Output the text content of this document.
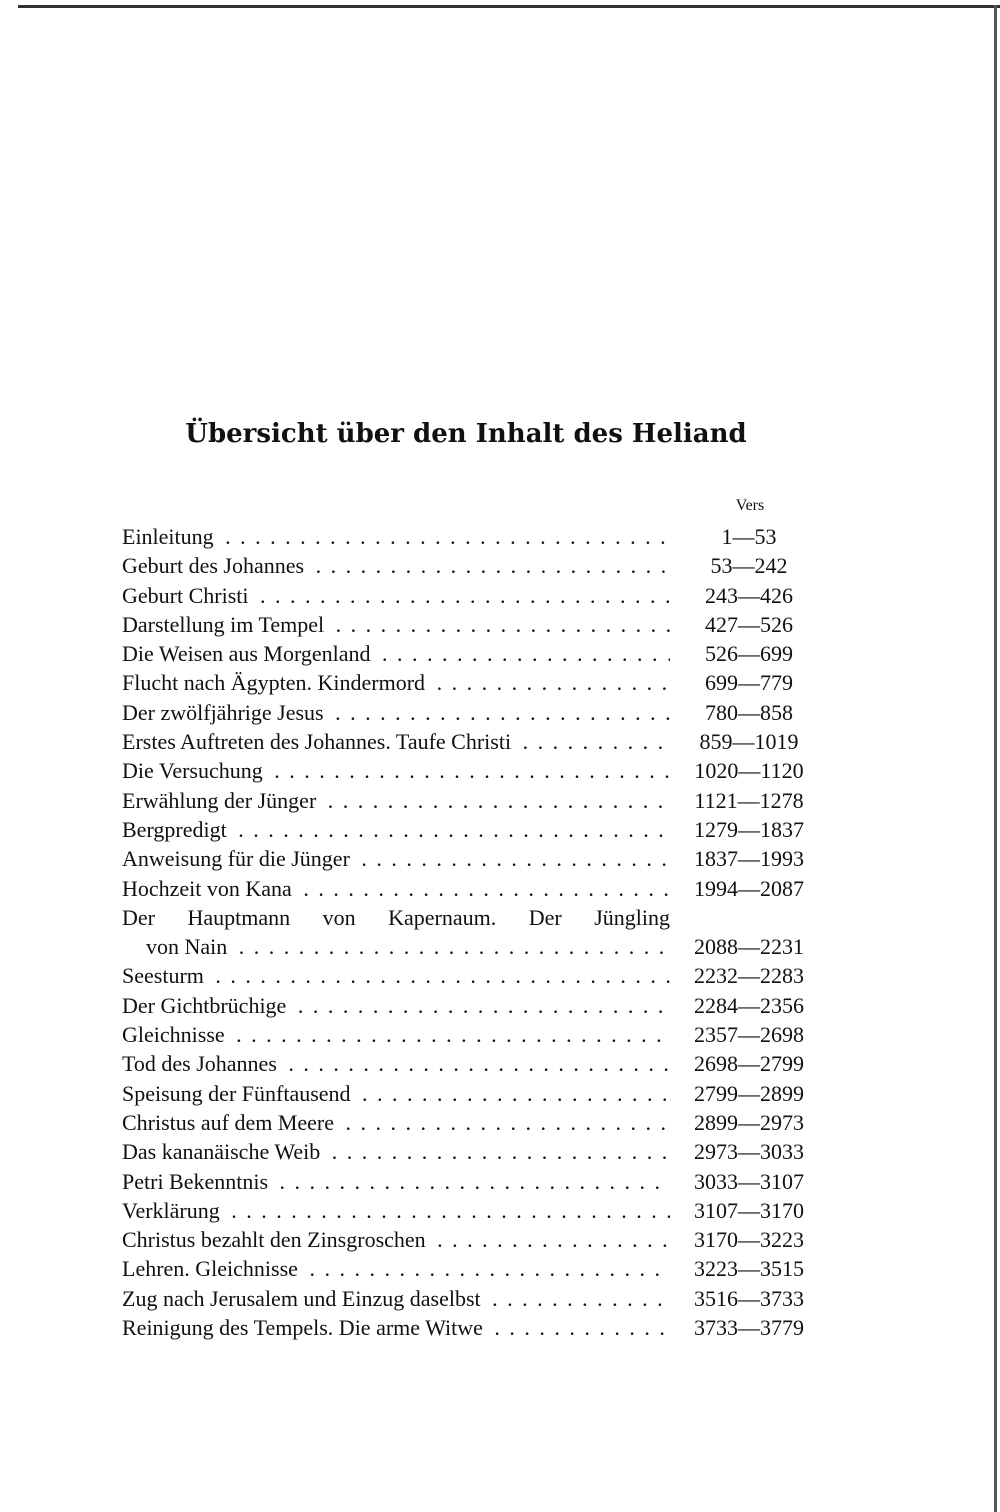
Übersicht über den Inhalt des Heliand
Vers
Einleitung . . .	1—53
Geburt des Johannes . . .	53—242
Geburt Christi . . .	243—426
Darstellung im Tempel . . .	427—526
Die Weisen aus Morgenland . . .	526—699
Flucht nach Ägypten. Kindermord . . .	699—779
Der zwölfjährige Jesus . . .	780—858
Erstes Auftreten des Johannes. Taufe Christi . . .	859—1019
Die Versuchung . . .	1020—1120
Erwählung der Jünger . . .	1121—1278
Bergpredigt . . .	1279—1837
Anweisung für die Jünger . . .	1837—1993
Hochzeit von Kana . . .	1994—2087
Der Hauptmann von Kapernaum. Der Jüngling
von Nain . . .	2088—2231
Seesturm . . .	2232—2283
Der Gichtbrüchige . . .	2284—2356
Gleichnisse . . .	2357—2698
Tod des Johannes . . .	2698—2799
Speisung der Fünftausend . . .	2799—2899
Christus auf dem Meere . . .	2899—2973
Das kananäische Weib . . .	2973—3033
Petri Bekenntnis . . .	3033—3107
Verklärung . . .	3107—3170
Christus bezahlt den Zinsgroschen . . .	3170—3223
Lehren. Gleichnisse . . .	3223—3515
Zug nach Jerusalem und Einzug daselbst . . .	3516—3733
Reinigung des Tempels. Die arme Witwe . . .	3733—3779
